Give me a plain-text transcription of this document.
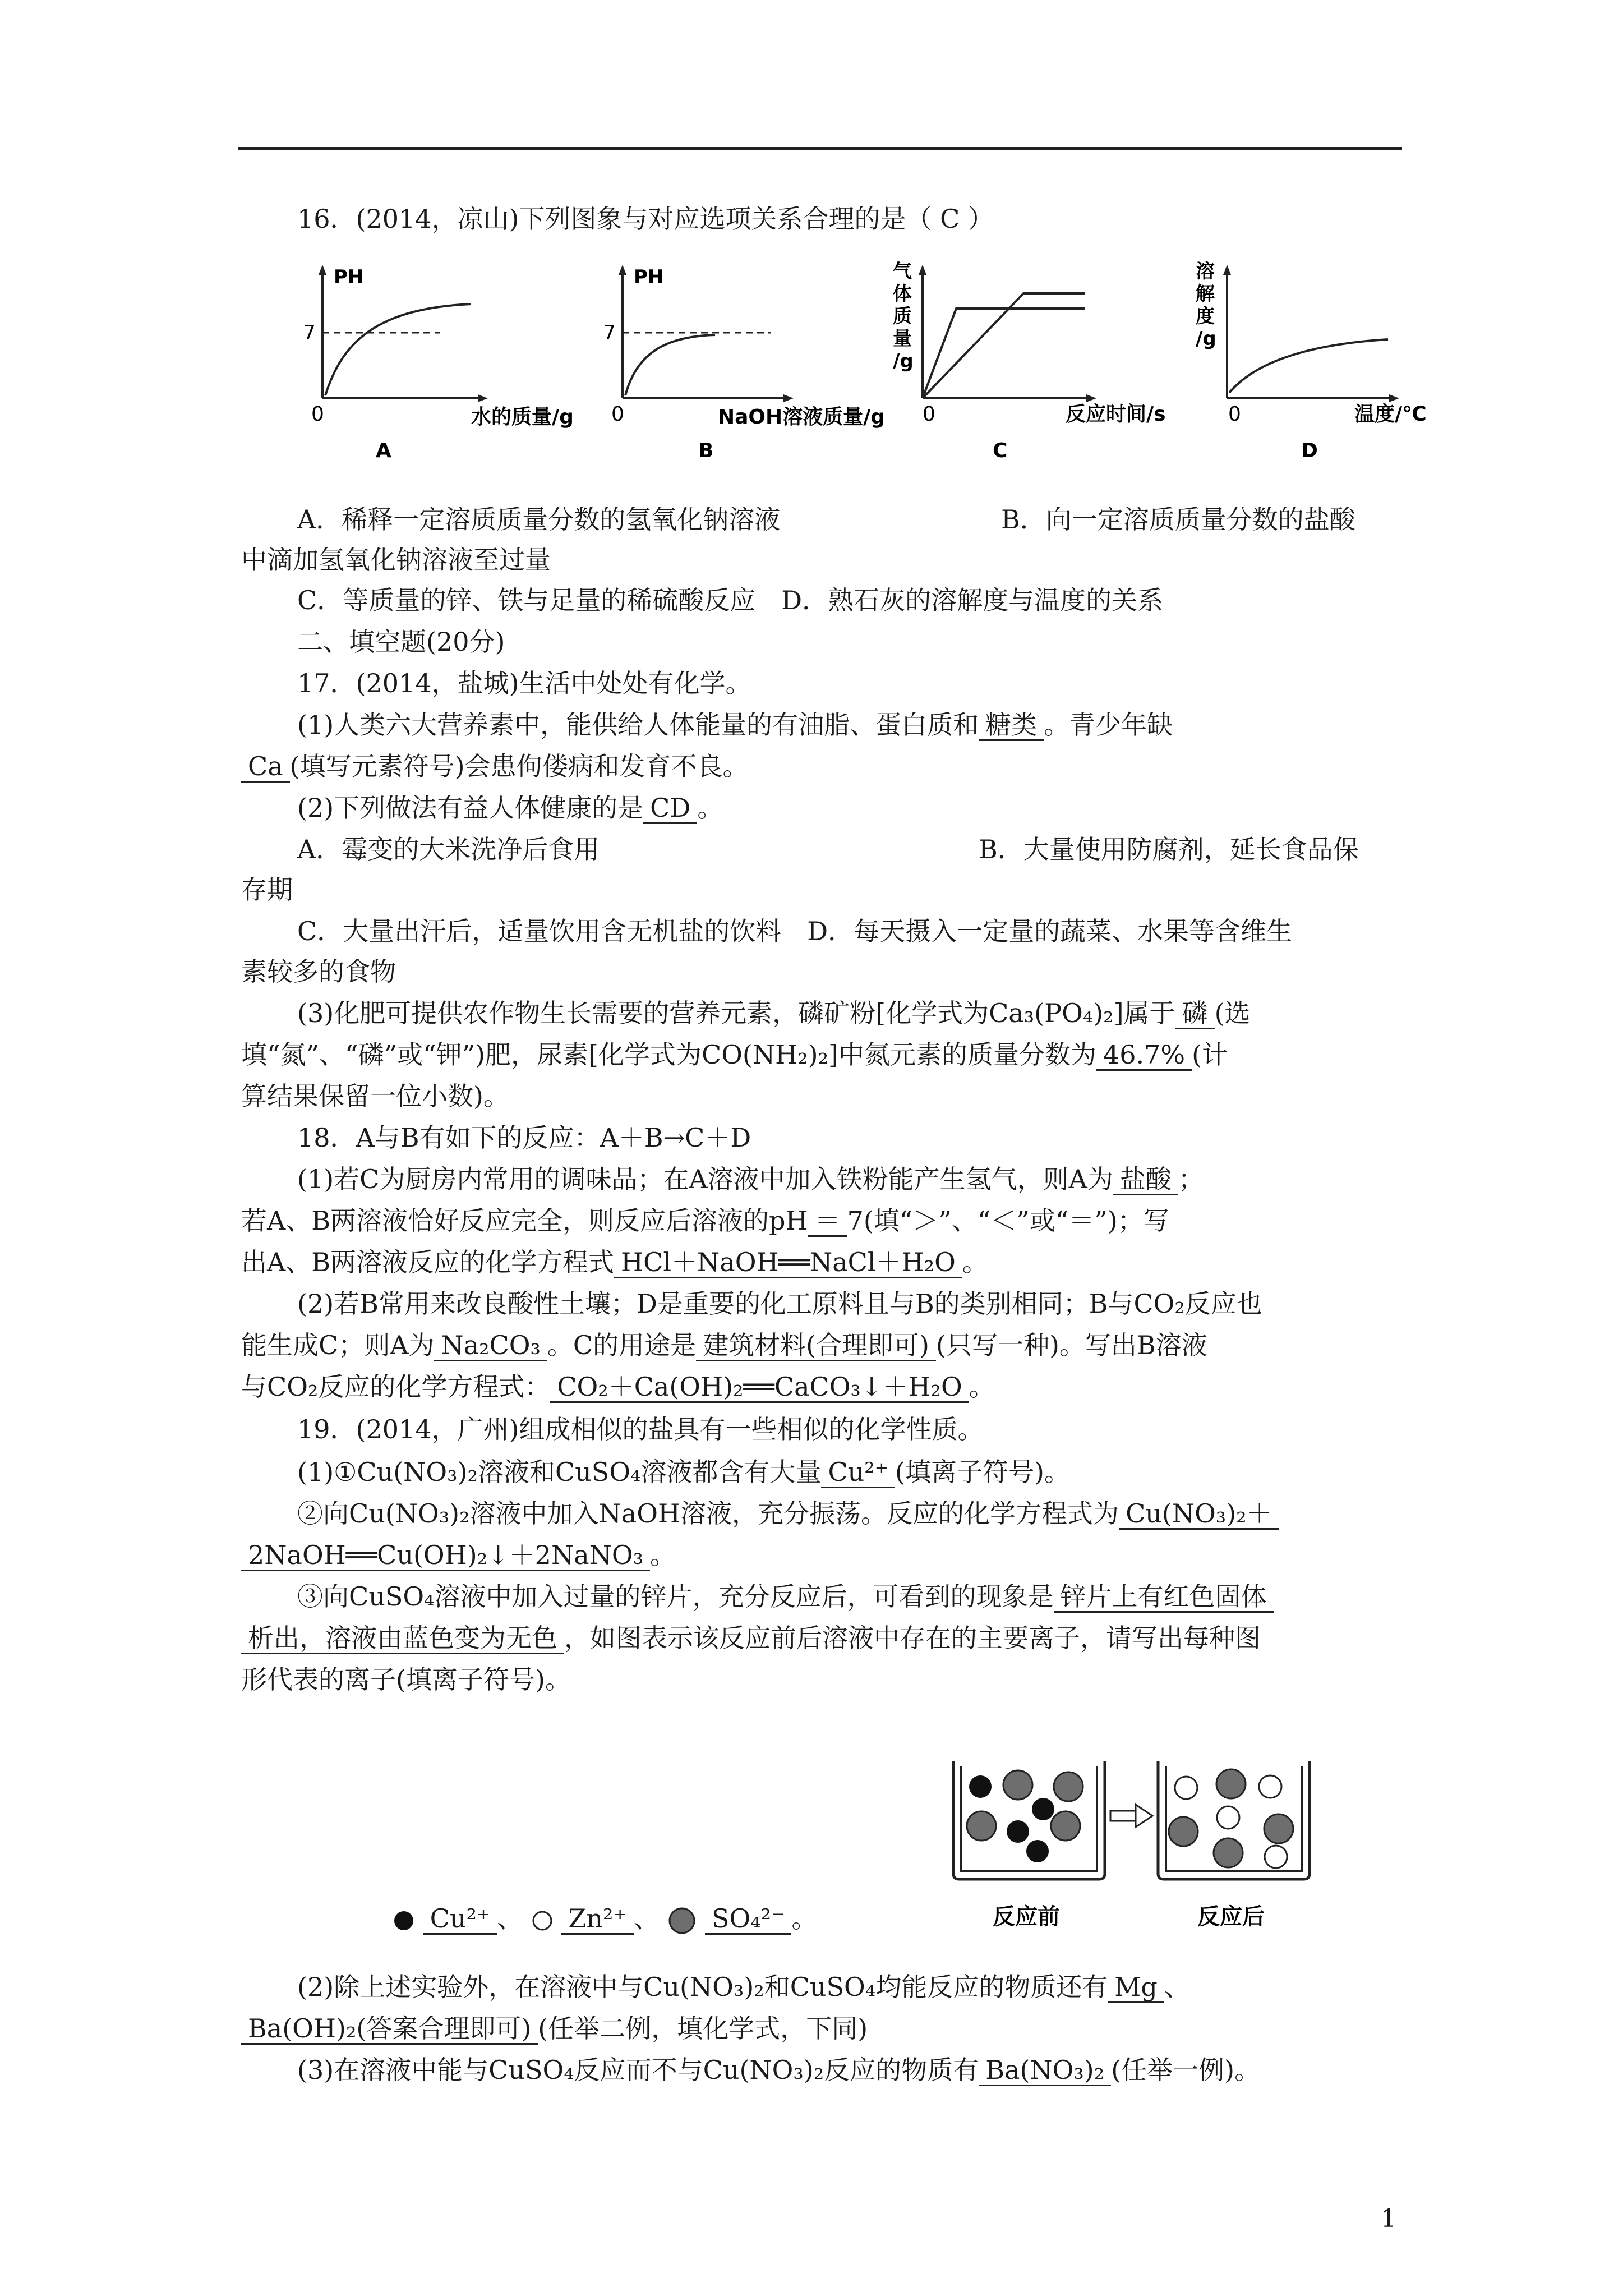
16．(2014，凉山)下列图象与对应选项关系合理的是（ C ）
PH
7
0	水的质量/g
A
PH
7
0	NaOH溶液质量/g
B
气
体
质
量
/g
0	反应时间/s
C
溶
解
度
/g
0	温度/℃
D
A．稀释一定溶质质量分数的氢氧化钠溶液	B．向一定溶质质量分数的盐酸
中滴加氢氧化钠溶液至过量
C．等质量的锌、铁与足量的稀硫酸反应　D．熟石灰的溶解度与温度的关系
二、填空题(20分)
17．(2014，盐城)生活中处处有化学。
(1)人类六大营养素中，能供给人体能量的有油脂、蛋白质和 糖类 。青少年缺
Ca (填写元素符号)会患佝偻病和发育不良。
(2)下列做法有益人体健康的是 CD 。
A．霉变的大米洗净后食用	B．大量使用防腐剂，延长食品保
存期
C．大量出汗后，适量饮用含无机盐的饮料　D．每天摄入一定量的蔬菜、水果等含维生
素较多的食物
(3)化肥可提供农作物生长需要的营养元素，磷矿粉[化学式为Ca₃(PO₄)₂]属于 磷 (选
填“氮”、“磷”或“钾”)肥，尿素[化学式为CO(NH₂)₂]中氮元素的质量分数为 46.7% (计
算结果保留一位小数)。
18．A与B有如下的反应：A＋B→C＋D
(1)若C为厨房内常用的调味品；在A溶液中加入铁粉能产生氢气，则A为 盐酸 ；
若A、B两溶液恰好反应完全，则反应后溶液的pH ＝ 7(填“＞”、“＜”或“＝”)；写
出A、B两溶液反应的化学方程式 HCl＋NaOH══NaCl＋H₂O 。
(2)若B常用来改良酸性土壤；D是重要的化工原料且与B的类别相同；B与CO₂反应也
能生成C；则A为 Na₂CO₃ 。C的用途是 建筑材料(合理即可) (只写一种)。写出B溶液
与CO₂反应的化学方程式： CO₂＋Ca(OH)₂══CaCO₃↓＋H₂O 。
19．(2014，广州)组成相似的盐具有一些相似的化学性质。
(1)①Cu(NO₃)₂溶液和CuSO₄溶液都含有大量 Cu²⁺ (填离子符号)。
②向Cu(NO₃)₂溶液中加入NaOH溶液，充分振荡。反应的化学方程式为 Cu(NO₃)₂＋
2NaOH══Cu(OH)₂↓＋2NaNO₃ 。
③向CuSO₄溶液中加入过量的锌片，充分反应后，可看到的现象是 锌片上有红色固体
析出，溶液由蓝色变为无色 ，如图表示该反应前后溶液中存在的主要离子，请写出每种图
形代表的离子(填离子符号)。
反应前	反应后
Cu²⁺ 、 Zn²⁺ 、 SO₄²⁻ 。
(2)除上述实验外，在溶液中与Cu(NO₃)₂和CuSO₄均能反应的物质还有 Mg 、
Ba(OH)₂(答案合理即可) (任举二例，填化学式，下同)
(3)在溶液中能与CuSO₄反应而不与Cu(NO₃)₂反应的物质有 Ba(NO₃)₂ (任举一例)。
1
